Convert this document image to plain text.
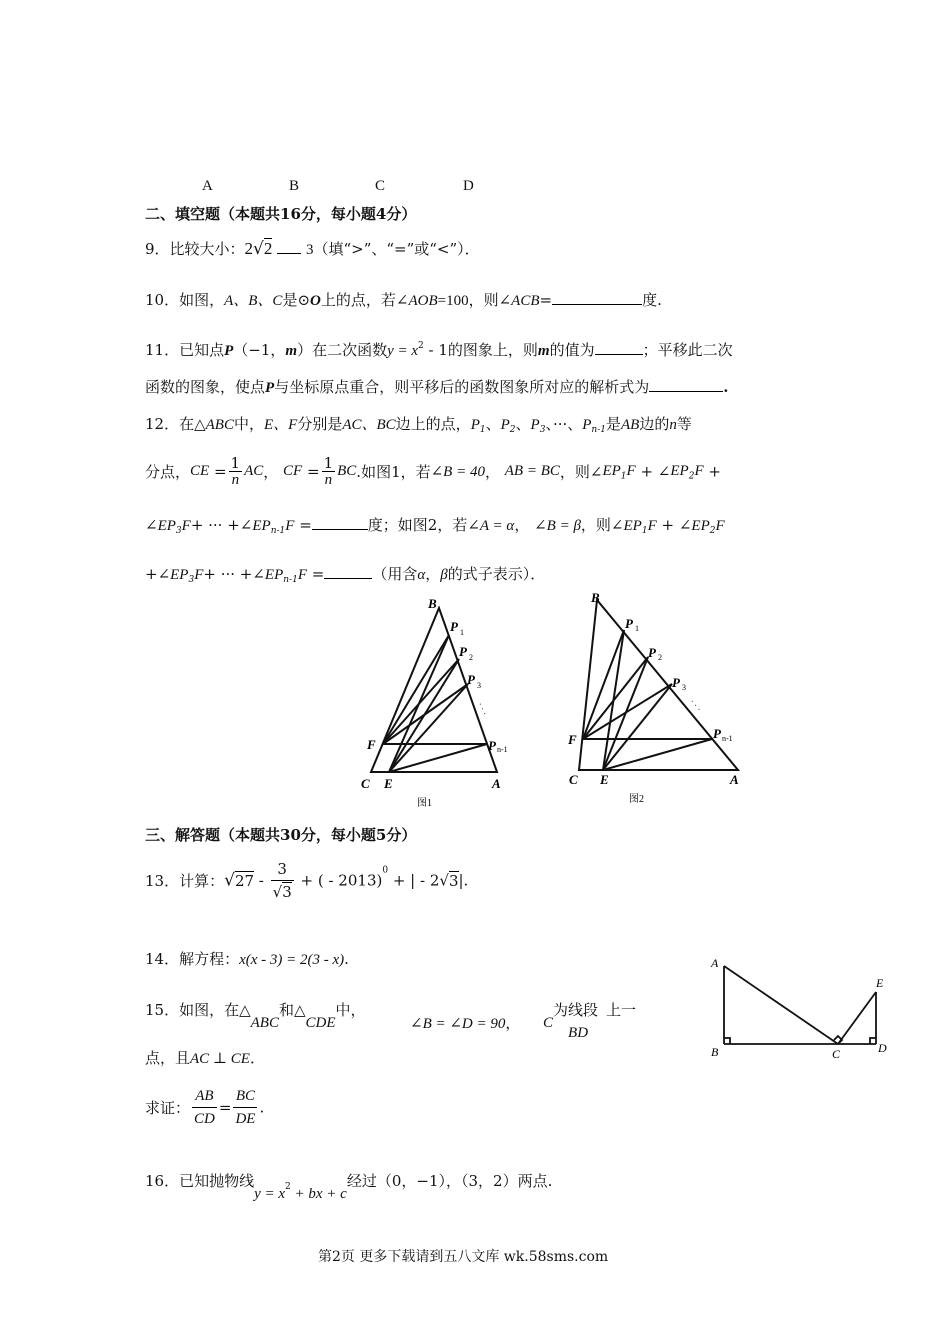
A	B	C	D
二、填空题（本题共16分，每小题4分）
9．比较大小：2√2 3（填“>”、“=”或“<”）．
10．如图，A、B、C是⊙O上的点，若∠AOB=100，则∠ACB=	度.
11．已知点P（−1，m）在二次函数$y = x^2 - 1$的图象上，则m的值为	；平移此二次
函数的图象，使点P与坐标原点重合，则平移后的函数图象所对应的解析式为	.
12．在△ABC中，E、F分别是AC、BC边上的点，$P_1$、$P_2$、$P_3$、···、$P_{n-1}$是AB边的n等
分点，CE = $\frac{1}{n}$ AC， CF = $\frac{1}{n}$ BC.如图1，若∠B = 40， AB = BC，则$\angle EP_1F$ + $\angle EP_2F$ +
$\angle EP_3F+$ ··· $+\angle EP_{n-1}F$ =	度；如图2，若∠A = α， ∠B = β，则$\angle EP_1F$ + $\angle EP_2F$
$+\angle EP_3F+$ ··· $+\angle EP_{n-1}F$ =	（用含α，β的式子表示）．
B
P 1
P 2
P 3
· · ·
F	P n-1
C E	A
图1
B
P 1
P 2
P 3
· · ·
F	P n-1
C E	A
图2
三、解答题（本题共30分，每小题5分）
13．计算：$√27 - \frac{3}{√3}$ + ( - 2013)$^0$ + | - 2√3|.
14．解方程：x(x - 3) = 2(3 - x).
15．如图，在△ABC和△CDE中，
∠B = ∠D = 90， C为线段BD上一
点，且AC ⊥ CE．
求证： $\frac{AB}{CD} = \frac{BC}{DE}$ .
A
B	C	D
E
16．已知抛物线$y = x_2$ + bx + c经过（0，−1），（3，2）两点.
第2页 更多下载请到五八文库 wk.58sms.com
